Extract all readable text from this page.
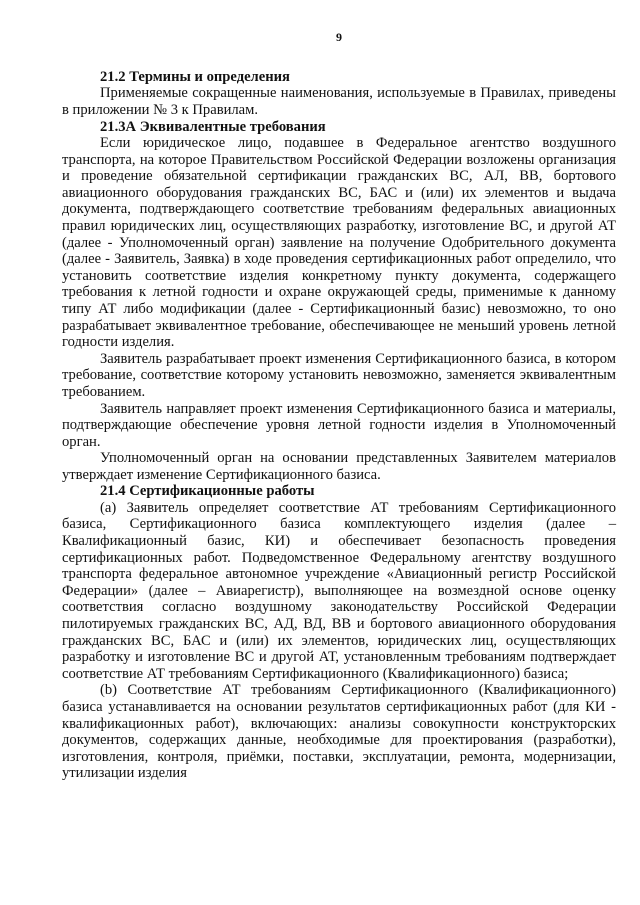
9

21.2 Термины и определения

Применяемые сокращенные наименования, используемые в Правилах, приведены в приложении № 3 к Правилам.

21.3А Эквивалентные требования

Если юридическое лицо, подавшее в Федеральное агентство воздушного транспорта, на которое Правительством Российской Федерации возложены организация и проведение обязательной сертификации гражданских ВС, АЛ, ВВ, бортового авиационного оборудования гражданских ВС, БАС и (или) их элементов и выдача документа, подтверждающего соответствие требованиям федеральных авиационных правил юридических лиц, осуществляющих разработку, изготовление ВС, и другой АТ (далее - Уполномоченный орган) заявление на получение Одобрительного документа (далее - Заявитель, Заявка) в ходе проведения сертификационных работ определило, что установить соответствие изделия конкретному пункту документа, содержащего требования к летной годности и охране окружающей среды, применимые к данному типу АТ либо модификации (далее - Сертификационный базис) невозможно, то оно разрабатывает эквивалентное требование, обеспечивающее не меньший уровень летной годности изделия.

Заявитель разрабатывает проект изменения Сертификационного базиса, в котором требование, соответствие которому установить невозможно, заменяется эквивалентным требованием.

Заявитель направляет проект изменения Сертификационного базиса и материалы, подтверждающие обеспечение уровня летной годности изделия в Уполномоченный орган.

Уполномоченный орган на основании представленных Заявителем материалов утверждает изменение Сертификационного базиса.

21.4 Сертификационные работы

(а) Заявитель определяет соответствие АТ требованиям Сертификационного базиса, Сертификационного базиса комплектующего изделия (далее – Квалификационный базис, КИ) и обеспечивает безопасность проведения сертификационных работ. Подведомственное Федеральному агентству воздушного транспорта федеральное автономное учреждение «Авиационный регистр Российской Федерации» (далее – Авиарегистр), выполняющее на возмездной основе оценку соответствия согласно воздушному законодательству Российской Федерации пилотируемых гражданских ВС, АД, ВД, ВВ и бортового авиационного оборудования гражданских ВС, БАС и (или) их элементов, юридических лиц, осуществляющих разработку и изготовление ВС и другой АТ, установленным требованиям подтверждает соответствие АТ требованиям Сертификационного (Квалификационного) базиса;

(b) Соответствие АТ требованиям Сертификационного (Квалификационного) базиса устанавливается на основании результатов сертификационных работ (для КИ - квалификационных работ), включающих: анализы совокупности конструкторских документов, содержащих данные, необходимые для проектирования (разработки), изготовления, контроля, приёмки, поставки, эксплуатации, ремонта, модернизации, утилизации изделия
